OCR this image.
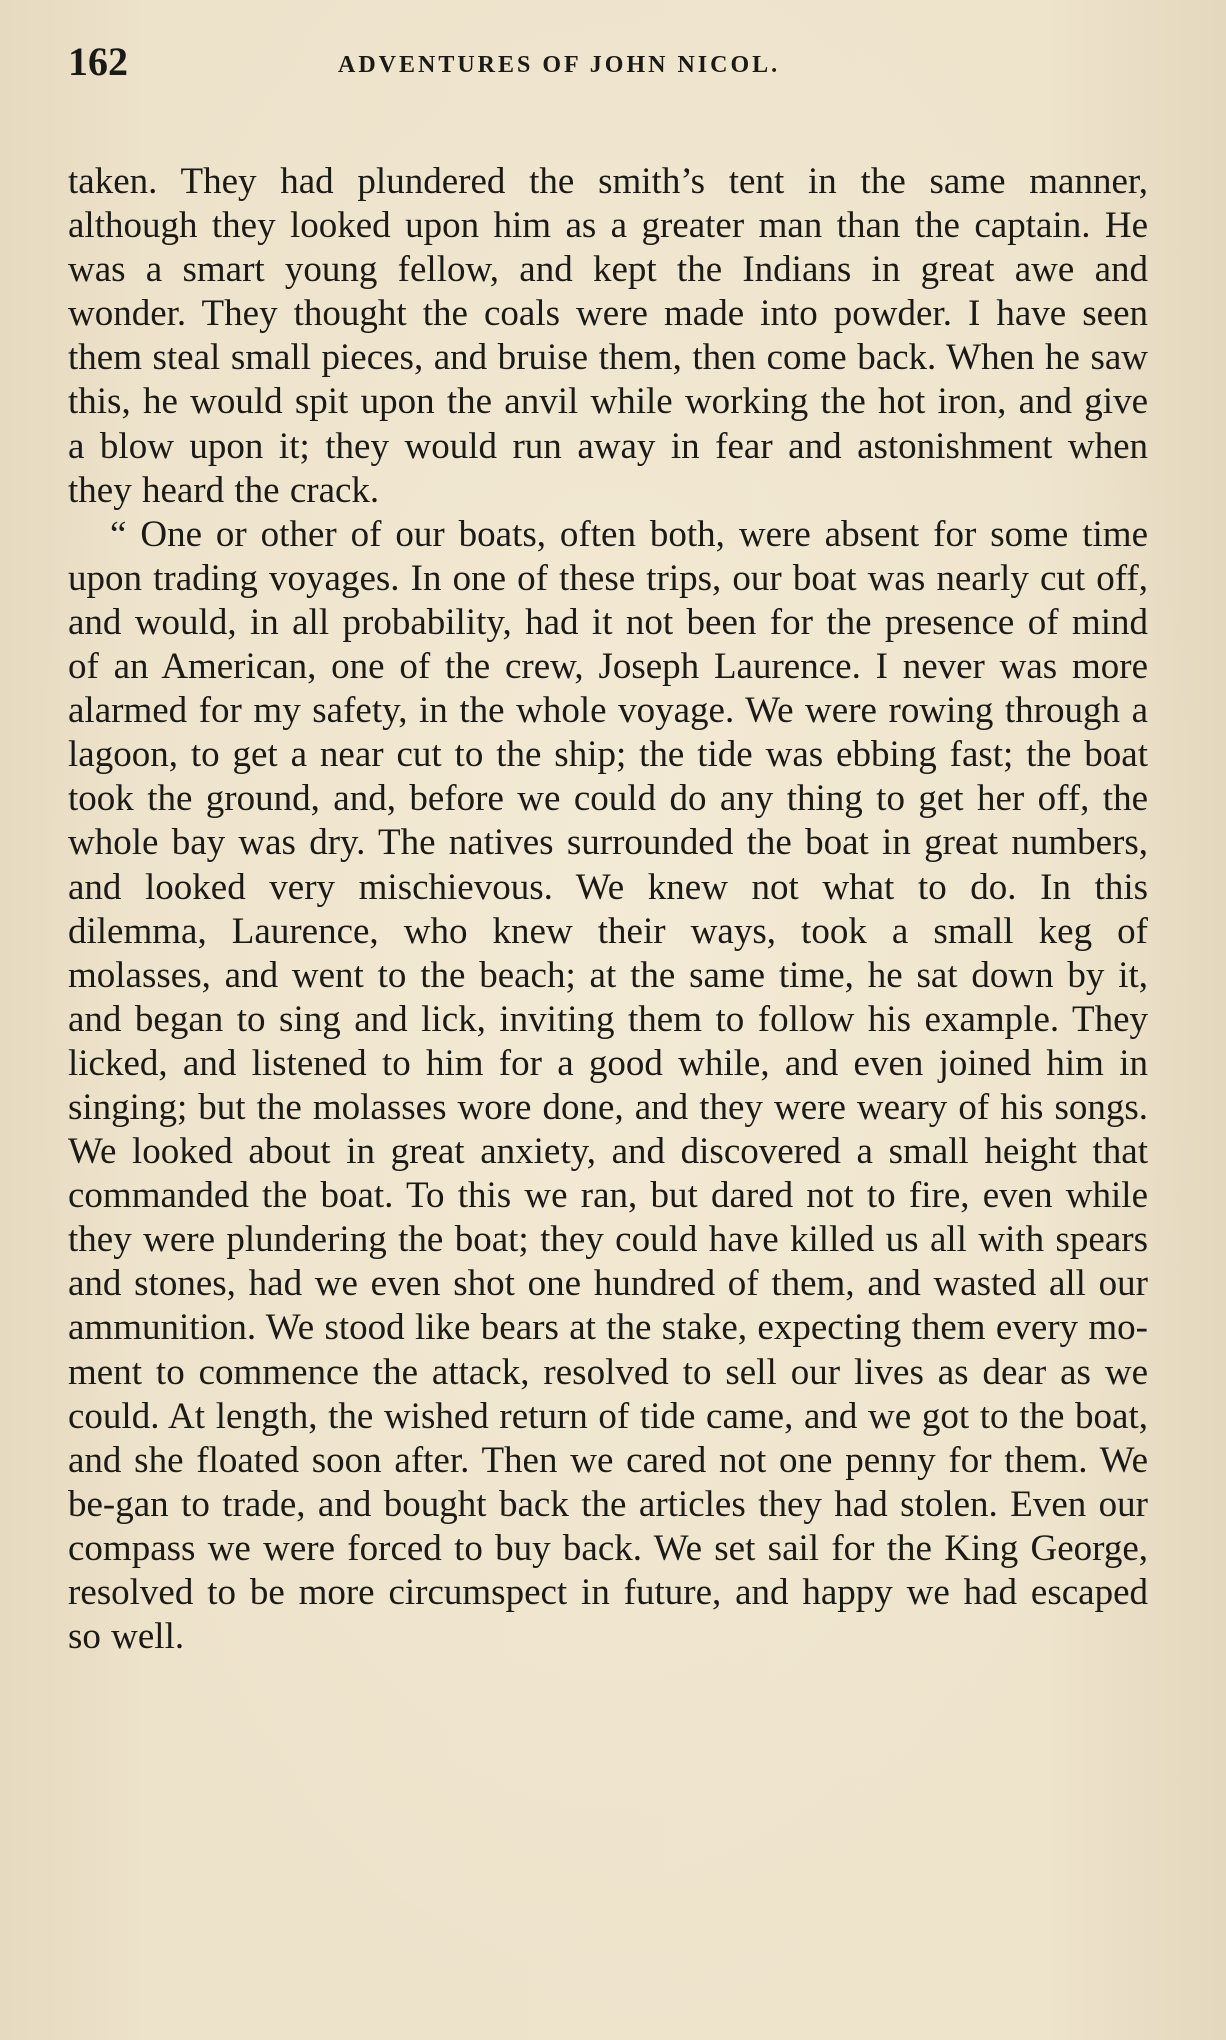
162	ADVENTURES OF JOHN NICOL.

taken. They had plundered the smith’s tent in the same manner, although they looked upon him as a greater man than the captain. He was a smart young fellow, and kept the Indians in great awe and wonder. They thought the coals were made into powder. I have seen them steal small pieces, and bruise them, then come back. When he saw this, he would spit upon the anvil while working the hot iron, and give a blow upon it; they would run away in fear and astonishment when they heard the crack.

“ One or other of our boats, often both, were absent for some time upon trading voyages. In one of these trips, our boat was nearly cut off, and would, in all probability, had it not been for the presence of mind of an American, one of the crew, Joseph Laurence. I never was more alarmed for my safety, in the whole voyage. We were rowing through a lagoon, to get a near cut to the ship; the tide was ebbing fast; the boat took the ground, and, before we could do any thing to get her off, the whole bay was dry. The natives surrounded the boat in great numbers, and looked very mischievous. We knew not what to do. In this dilemma, Laurence, who knew their ways, took a small keg of molasses, and went to the beach; at the same time, he sat down by it, and began to sing and lick, inviting them to follow his example. They licked, and listened to him for a good while, and even joined him in singing; but the molasses wore done, and they were weary of his songs. We looked about in great anxiety, and discovered a small height that commanded the boat. To this we ran, but dared not to fire, even while they were plundering the boat; they could have killed us all with spears and stones, had we even shot one hundred of them, and wasted all our ammunition. We stood like bears at the stake, expecting them every mo-ment to commence the attack, resolved to sell our lives as dear as we could. At length, the wished return of tide came, and we got to the boat, and she floated soon after. Then we cared not one penny for them. We be-gan to trade, and bought back the articles they had stolen. Even our compass we were forced to buy back. We set sail for the King George, resolved to be more circumspect in future, and happy we had escaped so well.
